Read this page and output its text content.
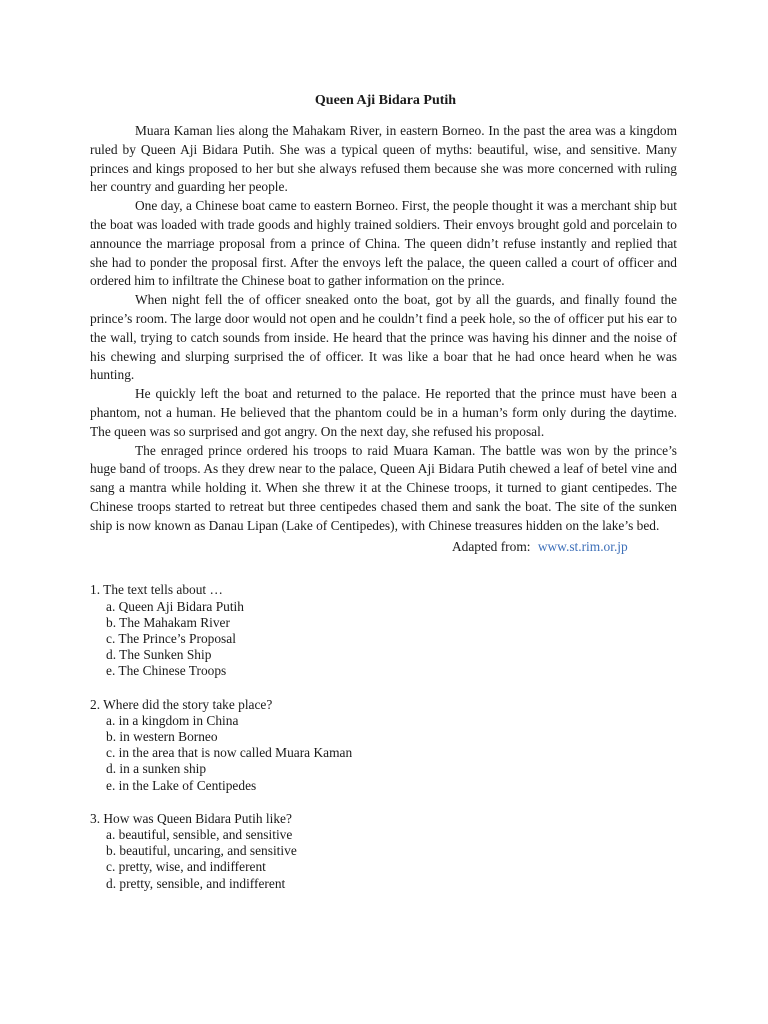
Queen Aji Bidara Putih

Muara Kaman lies along the Mahakam River, in eastern Borneo. In the past the area was a kingdom ruled by Queen Aji Bidara Putih. She was a typical queen of myths: beautiful, wise, and sensitive. Many princes and kings proposed to her but she always refused them because she was more concerned with ruling her country and guarding her people.

One day, a Chinese boat came to eastern Borneo. First, the people thought it was a merchant ship but the boat was loaded with trade goods and highly trained soldiers. Their envoys brought gold and porcelain to announce the marriage proposal from a prince of China. The queen didn’t refuse instantly and replied that she had to ponder the proposal first. After the envoys left the palace, the queen called a court of officer and ordered him to infiltrate the Chinese boat to gather information on the prince.

When night fell the of officer sneaked onto the boat, got by all the guards, and finally found the prince’s room. The large door would not open and he couldn’t find a peek hole, so the of officer put his ear to the wall, trying to catch sounds from inside. He heard that the prince was having his dinner and the noise of his chewing and slurping surprised the of officer. It was like a boar that he had once heard when he was hunting.

He quickly left the boat and returned to the palace. He reported that the prince must have been a phantom, not a human. He believed that the phantom could be in a human’s form only during the daytime. The queen was so surprised and got angry. On the next day, she refused his proposal.

The enraged prince ordered his troops to raid Muara Kaman. The battle was won by the prince’s huge band of troops. As they drew near to the palace, Queen Aji Bidara Putih chewed a leaf of betel vine and sang a mantra while holding it. When she threw it at the Chinese troops, it turned to giant centipedes. The Chinese troops started to retreat but three centipedes chased them and sank the boat. The site of the sunken ship is now known as Danau Lipan (Lake of Centipedes), with Chinese treasures hidden on the lake’s bed.

Adapted from: www.st.rim.or.jp

1. The text tells about …

a. Queen Aji Bidara Putih
b. The Mahakam River
c. The Prince’s Proposal
d. The Sunken Ship
e. The Chinese Troops

2. Where did the story take place?

a. in a kingdom in China
b. in western Borneo
c. in the area that is now called Muara Kaman
d. in a sunken ship
e. in the Lake of Centipedes

3. How was Queen Bidara Putih like?

a. beautiful, sensible, and sensitive
b. beautiful, uncaring, and sensitive
c. pretty, wise, and indifferent
d. pretty, sensible, and indifferent
